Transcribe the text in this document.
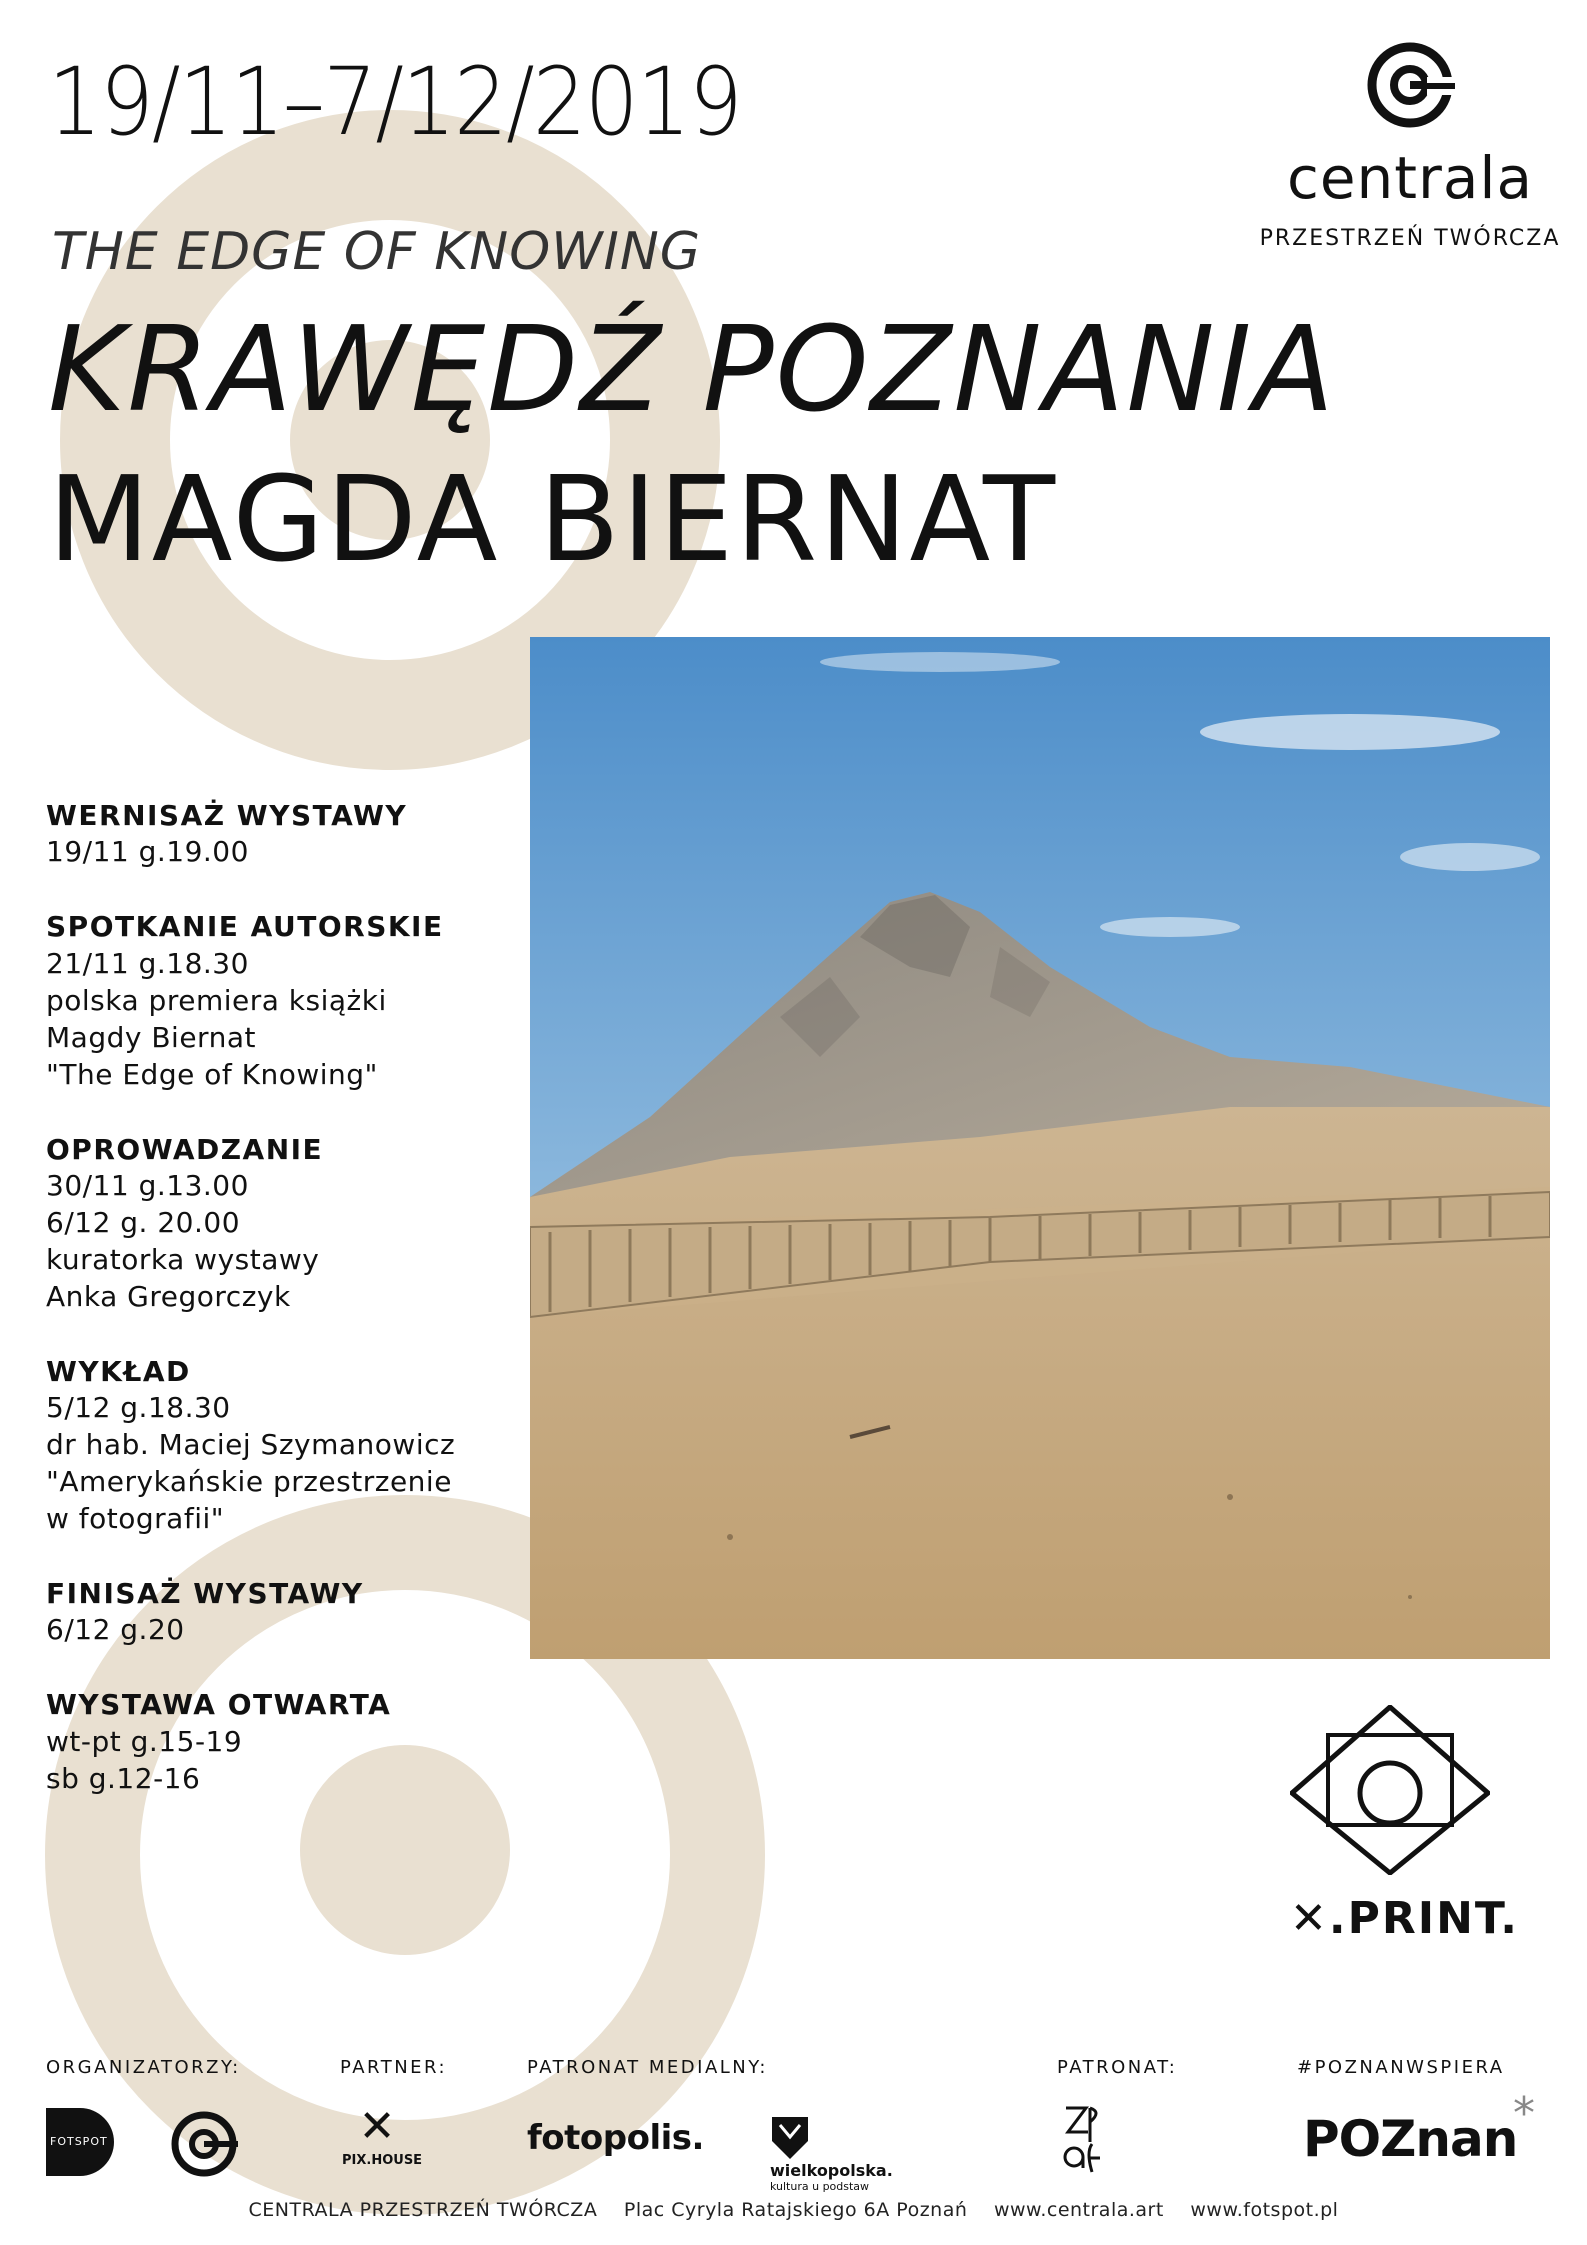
19/11–7/12/2019
THE EDGE OF KNOWING
KRAWĘDŹ POZNANIA
MAGDA BIERNAT
centrala
PRZESTRZEŃ TWÓRCZA
WERNISAŻ WYSTAWY
19/11 g.19.00
SPOTKANIE AUTORSKIE
21/11 g.18.30
polska premiera książki
Magdy Biernat
"The Edge of Knowing"
OPROWADZANIE
30/11 g.13.00
6/12 g. 20.00
kuratorka wystawy
Anka Gregorczyk
WYKŁAD
5/12 g.18.30
dr hab. Maciej Szymanowicz
"Amerykańskie przestrzenie
w fotografii"
FINISAŻ WYSTAWY
6/12 g.20
WYSTAWA OTWARTA
wt-pt g.15-19
sb g.12-16
✕.PRINT.
ORGANIZATORZY:	PARTNER:	PATRONAT MEDIALNY:	PATRONAT:	#POZNANWSPIERA
FOTSPOT	✕
PIX.HOUSE
fotopolis.
wielkopolska.
kultura u podstaw
POZnan
*
CENTRALA PRZESTRZEŃ TWÓRCZA Plac Cyryla Ratajskiego 6A Poznań www.centrala.art www.fotspot.pl
